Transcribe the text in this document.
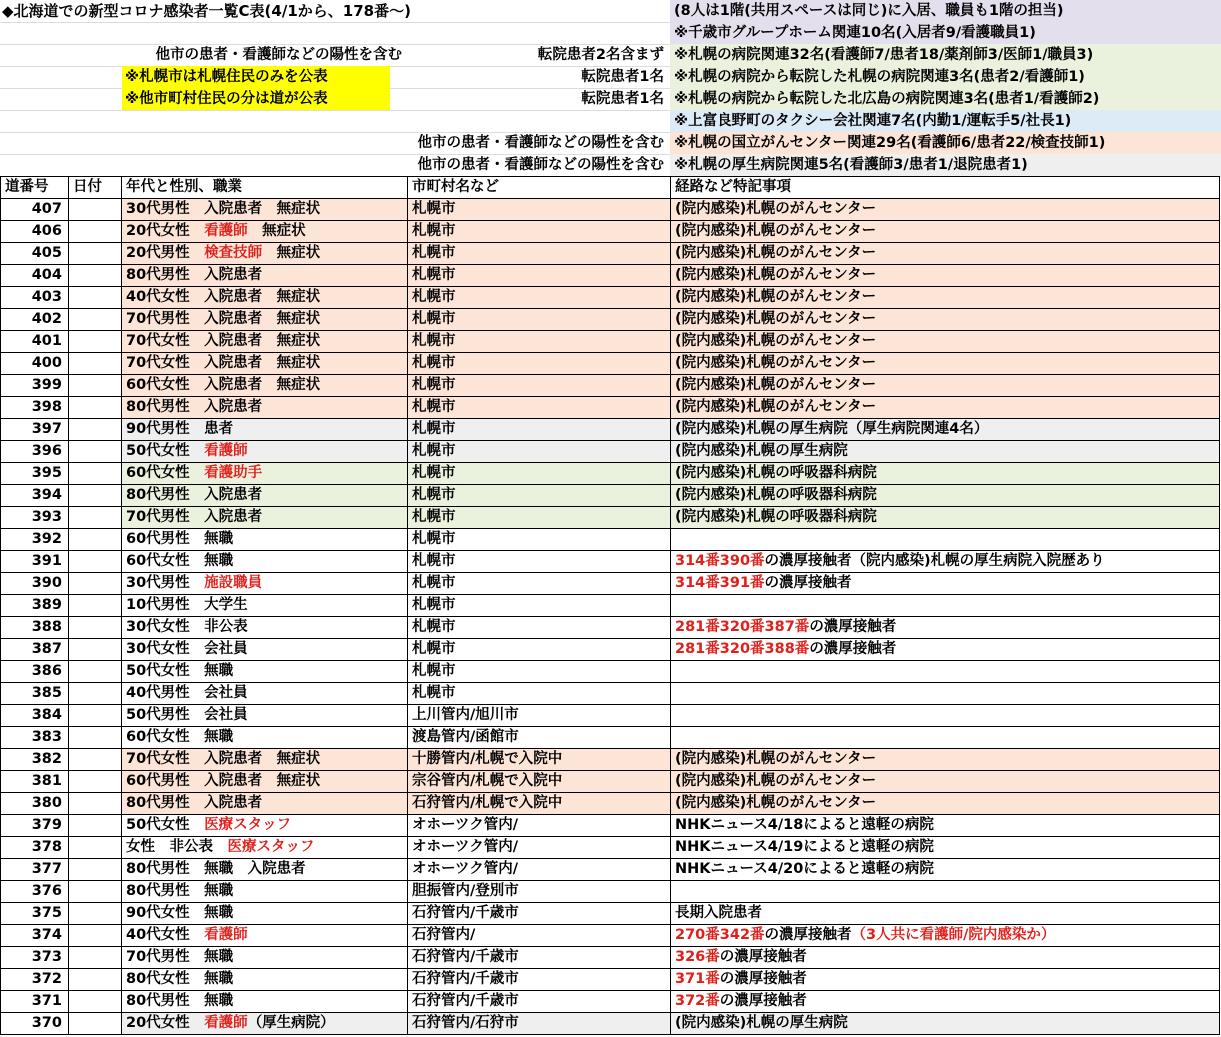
◆北海道での新型コロナ感染者一覧C表(4/1から、178番～)	(8人は1階(共用スペースは同じ)に入居、職員も1階の担当)
※千歳市グループホーム関連10名(入居者9/看護職員1)
他市の患者・看護師などの陽性を含む	転院患者2名含まず ※札幌の病院関連32名(看護師7/患者18/薬剤師3/医師1/職員3)
※札幌市は札幌住民のみを公表	転院患者1名 ※札幌の病院から転院した札幌の病院関連3名(患者2/看護師1)
※他市町村住民の分は道が公表	転院患者1名 ※札幌の病院から転院した北広島の病院関連3名(患者1/看護師2)
※上富良野町のタクシー会社関連7名(内勤1/運転手5/社長1)
他市の患者・看護師などの陽性を含む ※札幌の国立がんセンター関連29名(看護師6/患者22/検査技師1)
他市の患者・看護師などの陽性を含む ※札幌の厚生病院関連5名(看護師3/患者1/退院患者1)
道番号	日付	年代と性別、職業	市町村名など	経路など特記事項
407		30代男性　入院患者　無症状	札幌市	(院内感染)札幌のがんセンター
406		20代女性　看護師　無症状	札幌市	(院内感染)札幌のがんセンター
405		20代男性　検査技師　無症状	札幌市	(院内感染)札幌のがんセンター
404		80代男性　入院患者	札幌市	(院内感染)札幌のがんセンター
403		40代女性　入院患者　無症状	札幌市	(院内感染)札幌のがんセンター
402		70代男性　入院患者　無症状	札幌市	(院内感染)札幌のがんセンター
401		70代女性　入院患者　無症状	札幌市	(院内感染)札幌のがんセンター
400		70代女性　入院患者　無症状	札幌市	(院内感染)札幌のがんセンター
399		60代女性　入院患者　無症状	札幌市	(院内感染)札幌のがんセンター
398		80代男性　入院患者	札幌市	(院内感染)札幌のがんセンター
397		90代男性　患者	札幌市	(院内感染)札幌の厚生病院（厚生病院関連4名）
396		50代女性　看護師	札幌市	(院内感染)札幌の厚生病院
395		60代女性　看護助手	札幌市	(院内感染)札幌の呼吸器科病院
394		80代男性　入院患者	札幌市	(院内感染)札幌の呼吸器科病院
393		70代男性　入院患者	札幌市	(院内感染)札幌の呼吸器科病院
392		60代男性　無職	札幌市	
391		60代女性　無職	札幌市	314番390番の濃厚接触者（院内感染)札幌の厚生病院入院歴あり
390		30代男性　施設職員	札幌市	314番391番の濃厚接触者
389		10代男性　大学生	札幌市	
388		30代女性　非公表	札幌市	281番320番387番の濃厚接触者
387		30代女性　会社員	札幌市	281番320番388番の濃厚接触者
386		50代女性　無職	札幌市	
385		40代男性　会社員	札幌市	
384		50代男性　会社員	上川管内/旭川市	
383		60代女性　無職	渡島管内/函館市	
382		70代女性　入院患者　無症状	十勝管内/札幌で入院中	(院内感染)札幌のがんセンター
381		60代男性　入院患者　無症状	宗谷管内/札幌で入院中	(院内感染)札幌のがんセンター
380		80代男性　入院患者	石狩管内/札幌で入院中	(院内感染)札幌のがんセンター
379		50代女性　医療スタッフ	オホーツク管内/	NHKニュース4/18によると遠軽の病院
378		女性　非公表　医療スタッフ	オホーツク管内/	NHKニュース4/19によると遠軽の病院
377		80代男性　無職　入院患者	オホーツク管内/	NHKニュース4/20によると遠軽の病院
376		80代男性　無職	胆振管内/登別市	
375		90代女性　無職	石狩管内/千歳市	長期入院患者
374		40代女性　看護師	石狩管内/	270番342番の濃厚接触者（3人共に看護師/院内感染か）
373		70代男性　無職	石狩管内/千歳市	326番の濃厚接触者
372		80代女性　無職	石狩管内/千歳市	371番の濃厚接触者
371		80代男性　無職	石狩管内/千歳市	372番の濃厚接触者
370		20代女性　看護師（厚生病院）	石狩管内/石狩市	(院内感染)札幌の厚生病院
